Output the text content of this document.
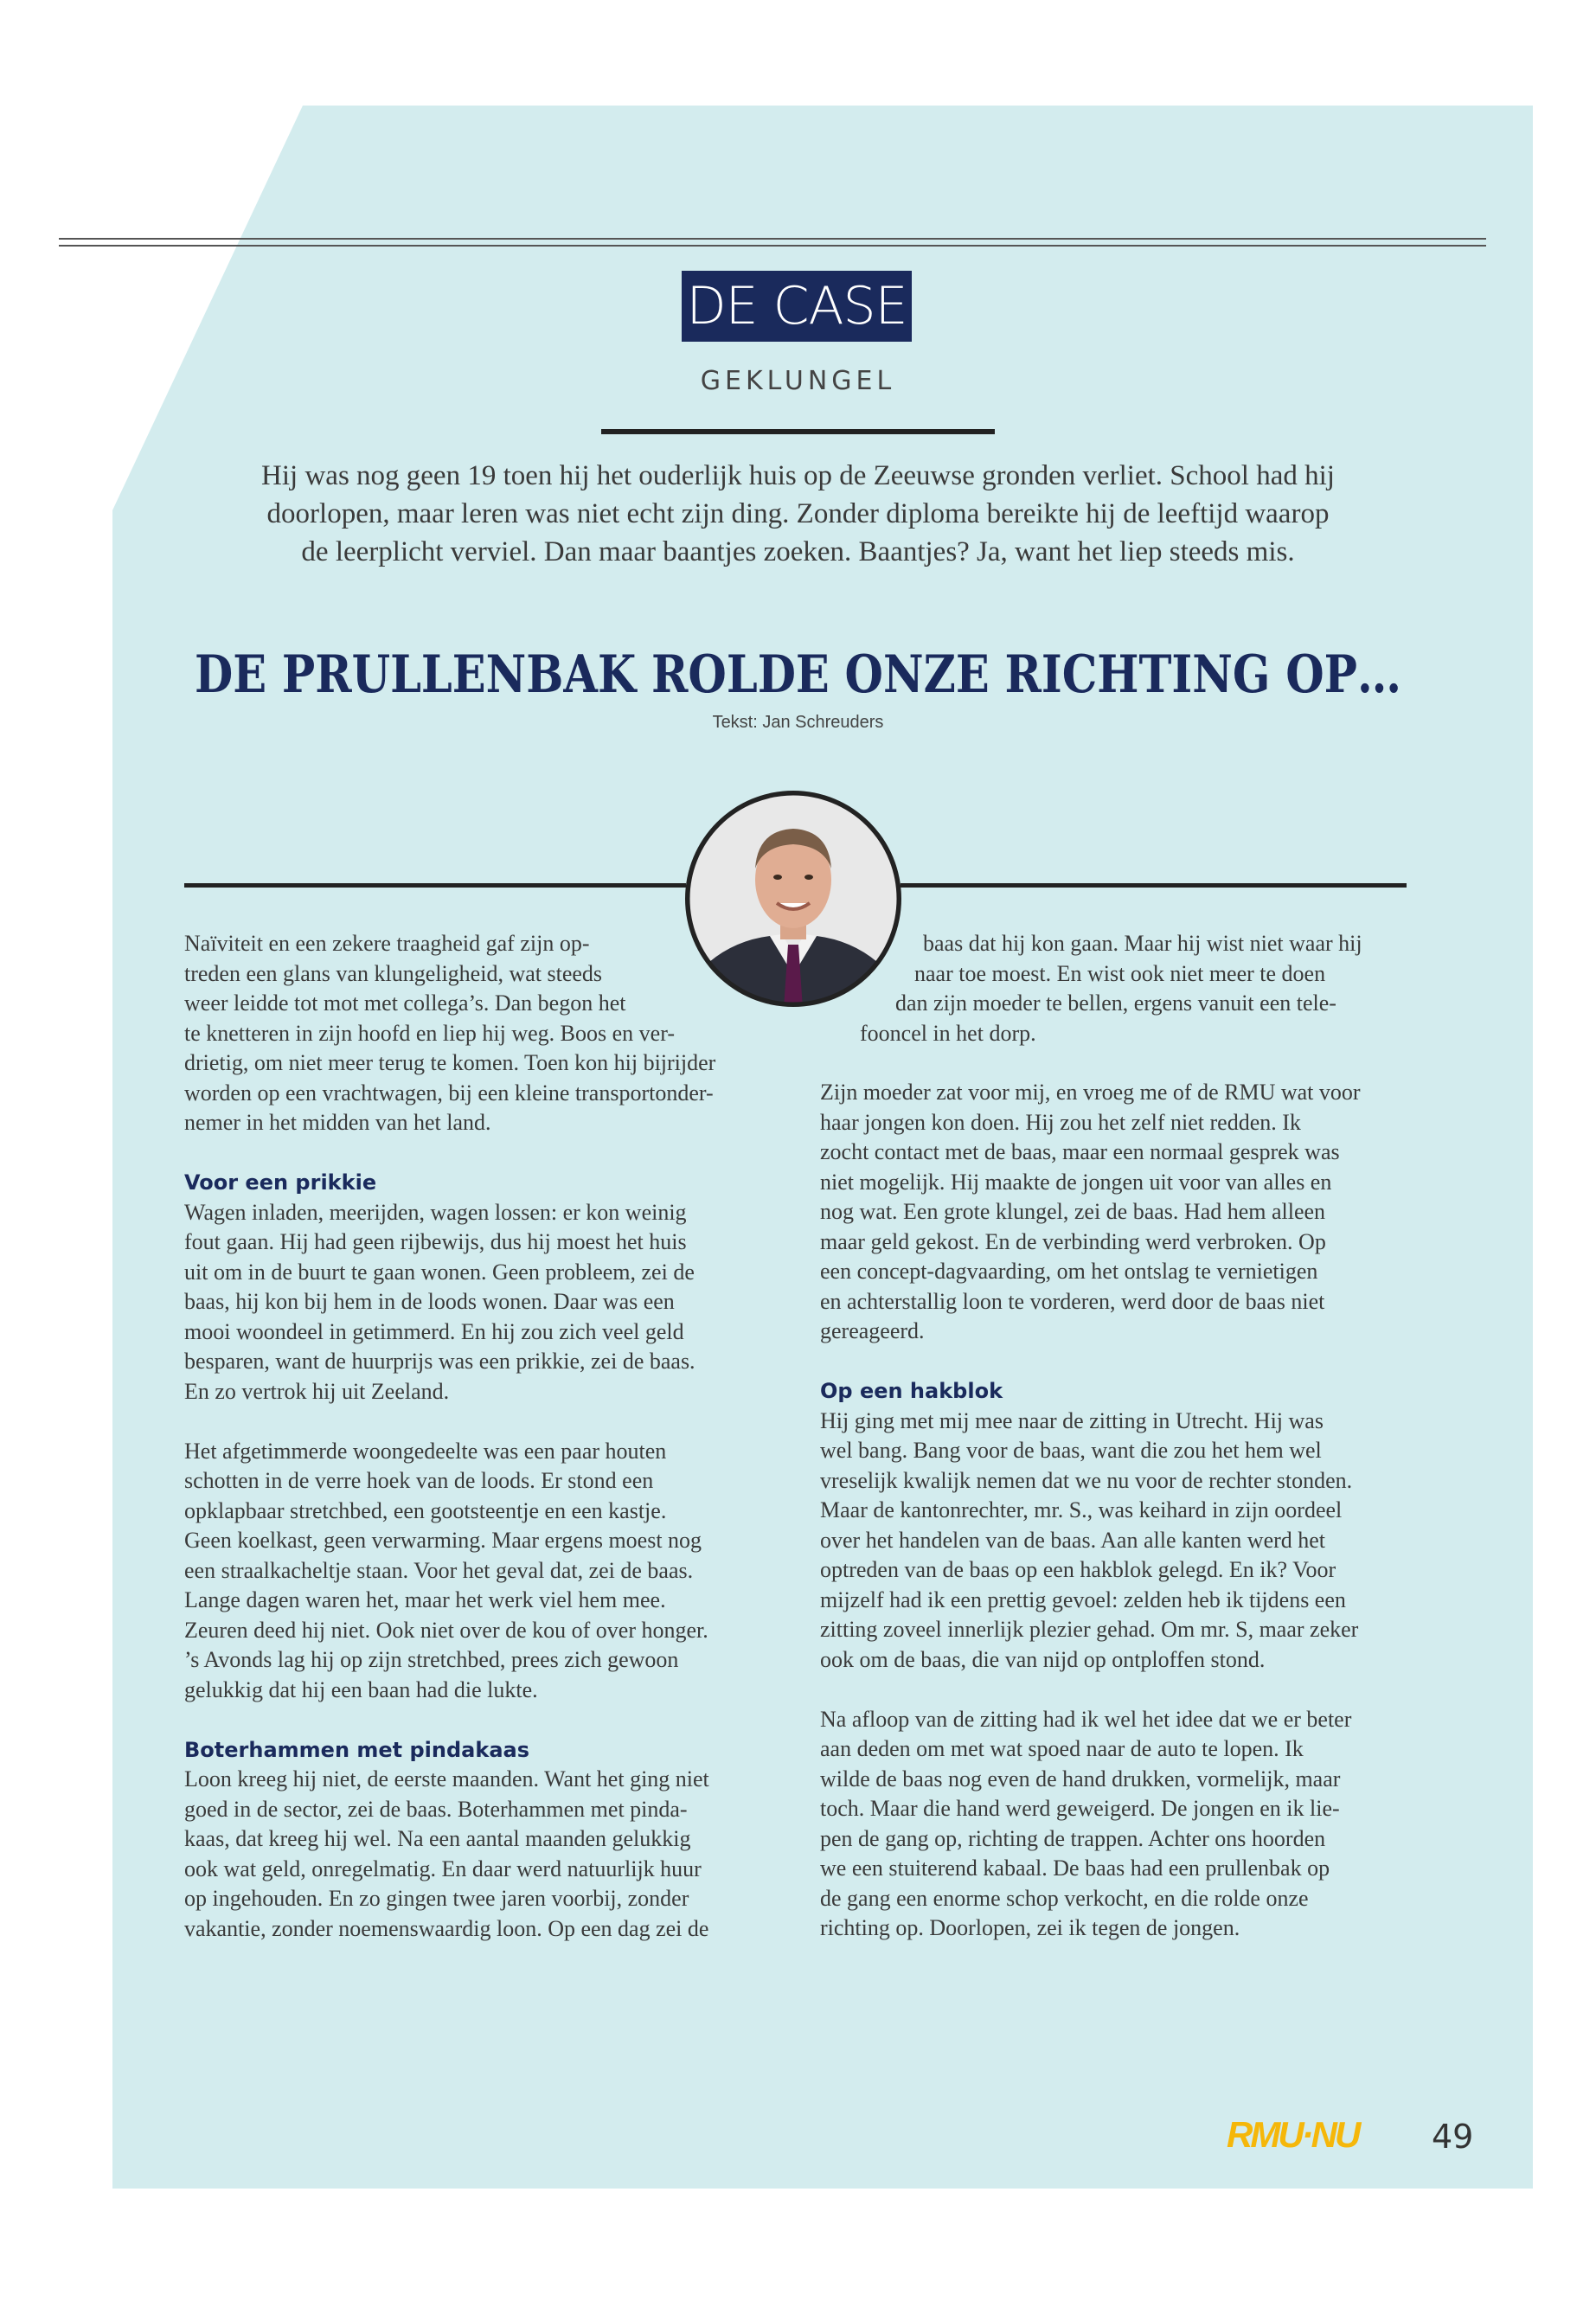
DE CASE
GEKLUNGEL
Hij was nog geen 19 toen hij het ouderlijk huis op de Zeeuwse gronden verliet. School had hij
doorlopen, maar leren was niet echt zijn ding. Zonder diploma bereikte hij de leeftijd waarop
de leerplicht verviel. Dan maar baantjes zoeken. Baantjes? Ja, want het liep steeds mis.
DE PRULLENBAK ROLDE ONZE RICHTING OP…
Tekst: Jan Schreuders

Naïviteit en een zekere traagheid gaf zijn op-
treden een glans van klungeligheid, wat steeds
weer leidde tot mot met collega’s. Dan begon het
te knetteren in zijn hoofd en liep hij weg. Boos en ver-
drietig, om niet meer terug te komen. Toen kon hij bijrijder
worden op een vrachtwagen, bij een kleine transportonder-
nemer in het midden van het land.

Voor een prikkie

Wagen inladen, meerijden, wagen lossen: er kon weinig
fout gaan. Hij had geen rijbewijs, dus hij moest het huis
uit om in de buurt te gaan wonen. Geen probleem, zei de
baas, hij kon bij hem in de loods wonen. Daar was een
mooi woondeel in getimmerd. En hij zou zich veel geld
besparen, want de huurprijs was een prikkie, zei de baas.
En zo vertrok hij uit Zeeland.

Het afgetimmerde woongedeelte was een paar houten
schotten in de verre hoek van de loods. Er stond een
opklapbaar stretchbed, een gootsteentje en een kastje.
Geen koelkast, geen verwarming. Maar ergens moest nog
een straalkacheltje staan. Voor het geval dat, zei de baas.
Lange dagen waren het, maar het werk viel hem mee.
Zeuren deed hij niet. Ook niet over de kou of over honger.
’s Avonds lag hij op zijn stretchbed, prees zich gewoon
gelukkig dat hij een baan had die lukte.

Boterhammen met pindakaas

Loon kreeg hij niet, de eerste maanden. Want het ging niet
goed in de sector, zei de baas. Boterhammen met pinda-
kaas, dat kreeg hij wel. Na een aantal maanden gelukkig
ook wat geld, onregelmatig. En daar werd natuurlijk huur
op ingehouden. En zo gingen twee jaren voorbij, zonder
vakantie, zonder noemenswaardig loon. Op een dag zei de

baas dat hij kon gaan. Maar hij wist niet waar hij
naar toe moest. En wist ook niet meer te doen
dan zijn moeder te bellen, ergens vanuit een tele-
fooncel in het dorp.

Zijn moeder zat voor mij, en vroeg me of de RMU wat voor
haar jongen kon doen. Hij zou het zelf niet redden. Ik
zocht contact met de baas, maar een normaal gesprek was
niet mogelijk. Hij maakte de jongen uit voor van alles en
nog wat. Een grote klungel, zei de baas. Had hem alleen
maar geld gekost. En de verbinding werd verbroken. Op
een concept-dagvaarding, om het ontslag te vernietigen
en achterstallig loon te vorderen, werd door de baas niet
gereageerd.

Op een hakblok

Hij ging met mij mee naar de zitting in Utrecht. Hij was
wel bang. Bang voor de baas, want die zou het hem wel
vreselijk kwalijk nemen dat we nu voor de rechter stonden.
Maar de kantonrechter, mr. S., was keihard in zijn oordeel
over het handelen van de baas. Aan alle kanten werd het
optreden van de baas op een hakblok gelegd. En ik? Voor
mijzelf had ik een prettig gevoel: zelden heb ik tijdens een
zitting zoveel innerlijk plezier gehad. Om mr. S, maar zeker
ook om de baas, die van nijd op ontploffen stond.

Na afloop van de zitting had ik wel het idee dat we er beter
aan deden om met wat spoed naar de auto te lopen. Ik
wilde de baas nog even de hand drukken, vormelijk, maar
toch. Maar die hand werd geweigerd. De jongen en ik lie-
pen de gang op, richting de trappen. Achter ons hoorden
we een stuiterend kabaal. De baas had een prullenbak op
de gang een enorme schop verkocht, en die rolde onze
richting op. Doorlopen, zei ik tegen de jongen.

RMU·NU 49
